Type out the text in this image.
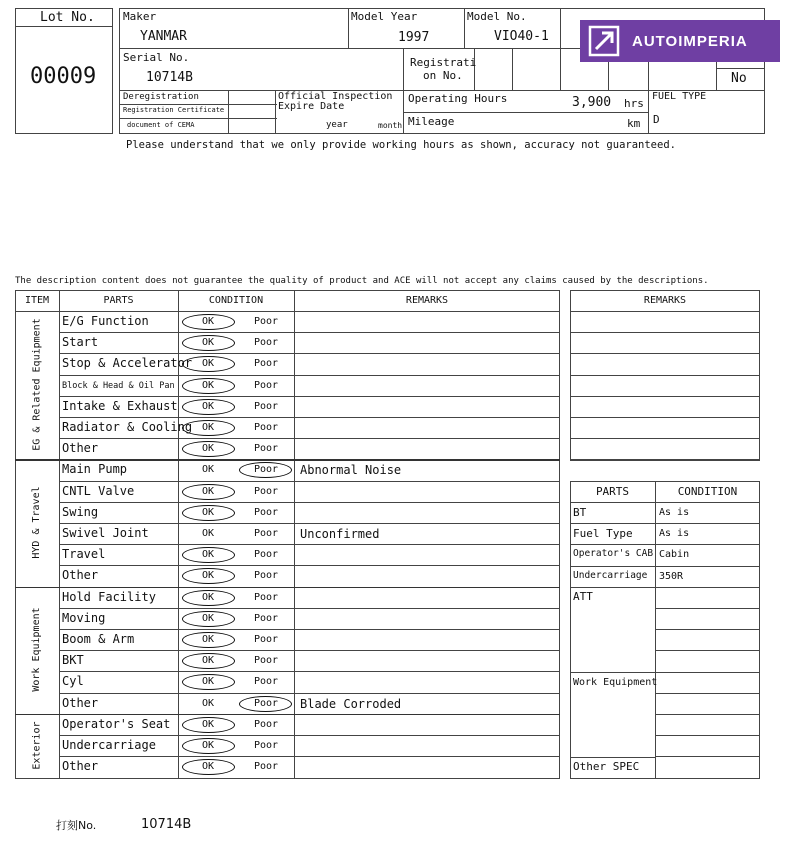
Lot No.
00009
Maker
YANMAR
Model Year
1997
Model No.
VIO40-1
Serial No.
10714B
Registrati
on No.	No
Deregistration
Registration Certificate
document of CEMA
Official Inspection
Expire Date
year	month
Operating Hours	3,900 hrs
Mileage	km
FUEL TYPE
D
Please understand that we only provide working hours as shown, accuracy not guaranteed.
AUTOIMPERIA
The description content does not guarantee the quality of product and ACE will not accept any claims caused by the descriptions.
ITEM	PARTS	CONDITION	REMARKS
E/G Function	OK	Poor
Start	OK	Poor
Stop & Accelerator OK	Poor
Block & Head & Oil Pan	OK	Poor
Intake & Exhaust	OK	Poor
Radiator & Cooling OK	Poor
Other	OK	Poor
EG & Related Equipment
Main Pump	OK	Poor	Abnormal Noise
CNTL Valve	OK	Poor
Swing	OK	Poor
Swivel Joint	OK	Poor	Unconfirmed
Travel	OK	Poor
Other	OK	Poor
HYD & Travel
Hold Facility	OK	Poor
Moving	OK	Poor
Boom & Arm	OK	Poor
BKT	OK	Poor
Cyl	OK	Poor
Other	OK	Poor	Blade Corroded
Work Equipment
Operator's Seat	OK	Poor
Undercarriage	OK	Poor
Other	OK	Poor
Exterior
REMARKS
PARTS	CONDITION
BT	As is
Fuel Type	As is
Operator's CAB Cabin
Undercarriage 350R
ATT
Work Equipment
Other SPEC
打刻No.	10714B
